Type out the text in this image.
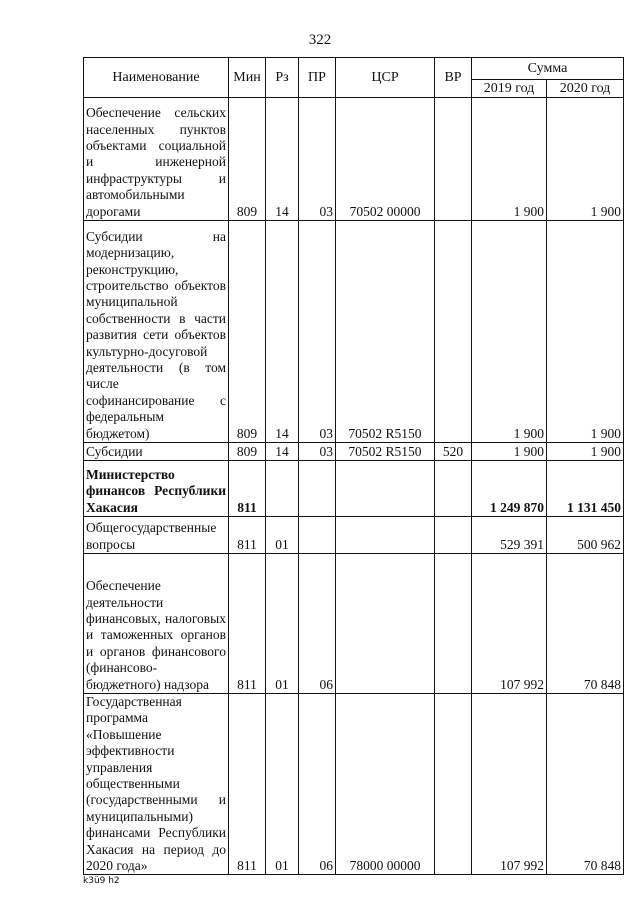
322
Наименование	Мин	Рз	ПР	ЦСР	ВР	Сумма	
						2019 год	2020 год
Обеспечение сельских населенных пунктов объектами социальной и инженерной инфраструктуры и автомобильными дорогами	809	14	03	70502 00000		1 900	1 900
Субсидии на модернизацию, реконструкцию, строительство объектов муниципальной собственности в части развития сети объектов культурно-досуговой деятельности (в том числе софинансирование с федеральным бюджетом)	809	14	03	70502 R5150		1 900	1 900
Субсидии	809	14	03	70502 R5150	520	1 900	1 900
Министерство финансов Республики Хакасия	811					1 249 870	1 131 450
Общегосударственные вопросы	811	01				529 391	500 962
Обеспечение деятельности финансовых, налоговых и таможенных органов и органов финансового (финансово-бюджетного) надзора	811	01	06			107 992	70 848
Государственная программа «Повышение эффективности управления общественными (государственными и муниципальными) финансами Республики Хакасия на период до 2020 года»	811	01	06	78000 00000		107 992	70 848
k3ü9 h2
